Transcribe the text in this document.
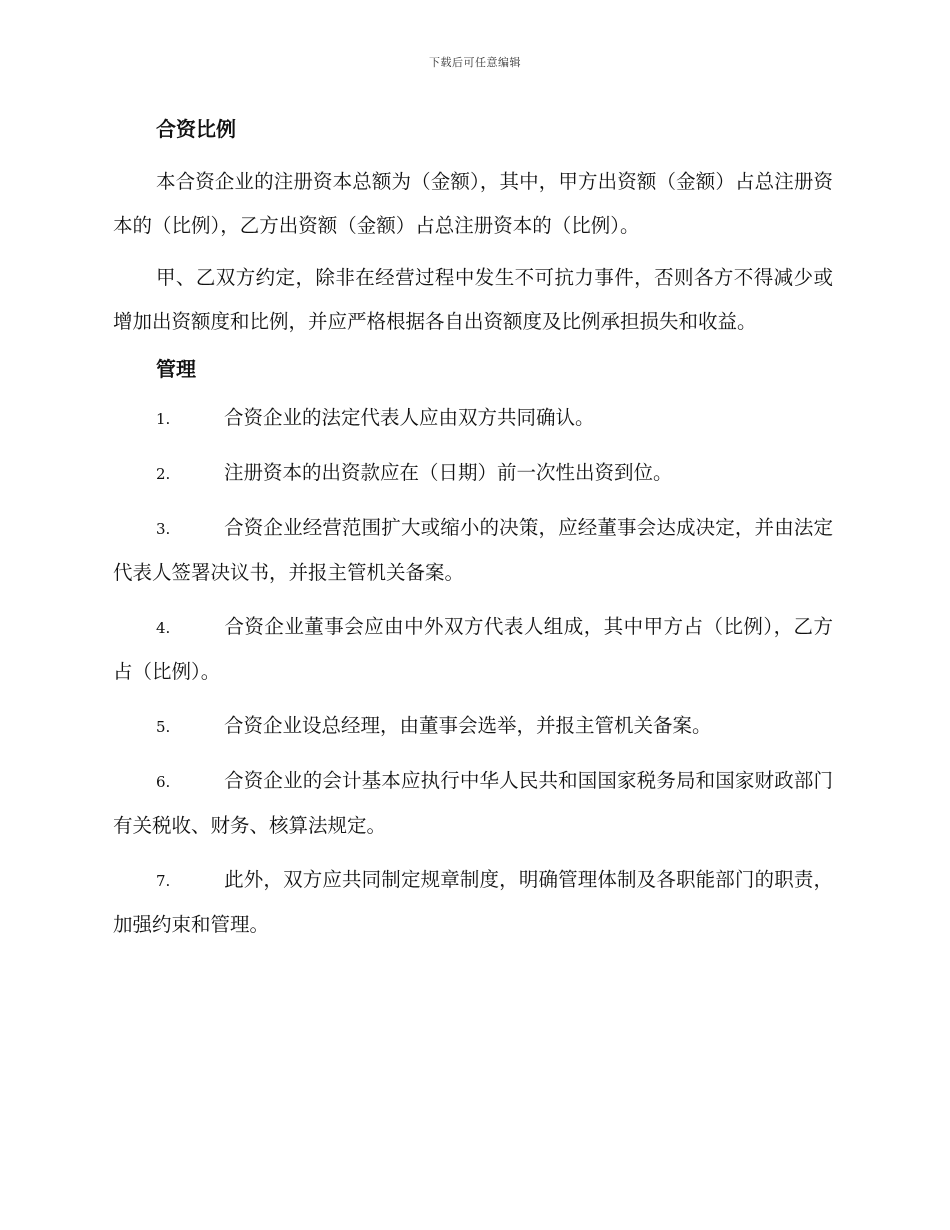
下载后可任意编辑
合资比例

本合资企业的注册资本总额为（金额），其中，甲方出资额（金额）占总注册资本的（比例），乙方出资额（金额）占总注册资本的（比例）。

甲、乙双方约定，除非在经营过程中发生不可抗力事件，否则各方不得减少或增加出资额度和比例，并应严格根据各自出资额度及比例承担损失和收益。

管理

1.	合资企业的法定代表人应由双方共同确认。

2.	注册资本的出资款应在（日期）前一次性出资到位。

3.	合资企业经营范围扩大或缩小的决策，应经董事会达成决定，并由法定代表人签署决议书，并报主管机关备案。

4.	合资企业董事会应由中外双方代表人组成，其中甲方占（比例），乙方占（比例）。

5.	合资企业设总经理，由董事会选举，并报主管机关备案。

6.	合资企业的会计基本应执行中华人民共和国国家税务局和国家财政部门有关税收、财务、核算法规定。

7.	此外，双方应共同制定规章制度，明确管理体制及各职能部门的职责，加强约束和管理。
